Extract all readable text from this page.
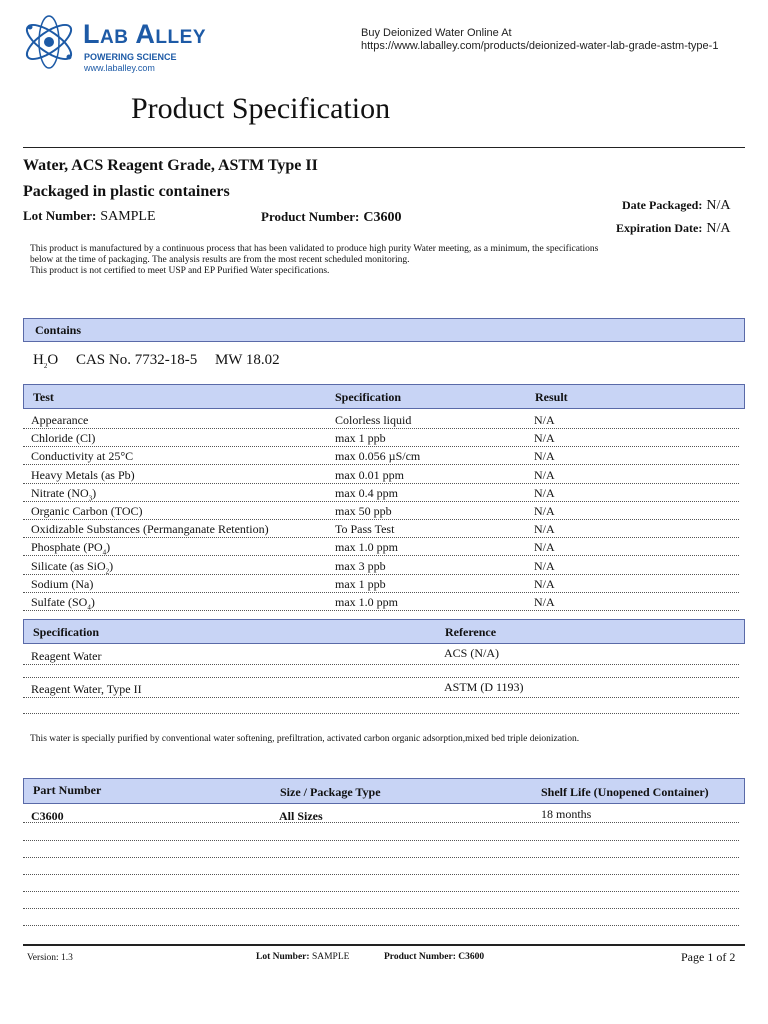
Lab Alley
POWERING SCIENCE
www.laballey.com
Buy Deionized Water Online At
https://www.laballey.com/products/deionized-water-lab-grade-astm-type-1
Product Specification
Water, ACS Reagent Grade, ASTM Type II
Packaged in plastic containers
Lot Number: SAMPLE	Product Number: C3600
Date Packaged: N/A
Expiration Date: N/A
This product is manufactured by a continuous process that has been validated to produce high purity Water meeting, as a minimum, the specifications
below at the time of packaging. The analysis results are from the most recent scheduled monitoring.
This product is not certified to meet USP and EP Purified Water specifications.
Contains
$H_2O$ CAS No. 7732-18-5 MW 18.02
Test	Specification	Result
Appearance	Colorless liquid	N/A
Chloride (Cl)	max 1 ppb	N/A
Conductivity at 25°C	max 0.056 µS/cm	N/A
Heavy Metals (as Pb)	max 0.01 ppm	N/A
Nitrate $(NO_3)$	max 0.4 ppm	N/A
Organic Carbon (TOC)	max 50 ppb	N/A
Oxidizable Substances (Permanganate Retention)	To Pass Test	N/A
Phosphate $(PO_4)$	max 1.0 ppm	N/A
Silicate (as SiO$_2$)	max 3 ppb	N/A
Sodium (Na)	max 1 ppb	N/A
Sulfate $(SO_4)$	max 1.0 ppm	N/A
Specification	Reference
Reagent Water	ACS (N/A)
Reagent Water, Type II	ASTM (D 1193)
This water is specially purified by conventional water softening, prefiltration, activated carbon organic adsorption,mixed bed triple deionization.
Part Number	Size / Package Type	Shelf Life (Unopened Container)
C3600	All Sizes	18 months
Version: 1.3	Lot Number: SAMPLE	Product Number: C3600	Page 1 of 2
